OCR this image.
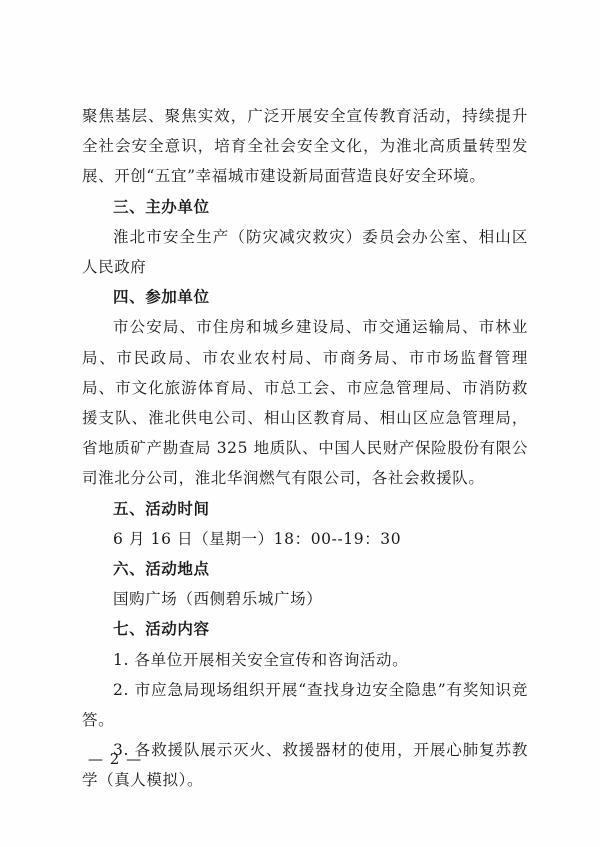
聚焦基层、聚焦实效，广泛开展安全宣传教育活动，持续提升全社会安全意识，培育全社会安全文化，为淮北高质量转型发展、开创“五宜”幸福城市建设新局面营造良好安全环境。

三、主办单位

淮北市安全生产（防灾减灾救灾）委员会办公室、相山区人民政府

四、参加单位

市公安局、市住房和城乡建设局、市交通运输局、市林业局、市民政局、市农业农村局、市商务局、市市场监督管理局、市文化旅游体育局、市总工会、市应急管理局、市消防救援支队、淮北供电公司、相山区教育局、相山区应急管理局，省地质矿产勘查局 325 地质队、中国人民财产保险股份有限公司淮北分公司，淮北华润燃气有限公司，各社会救援队。

五、活动时间

6 月 16 日（星期一）18：00--19：30

六、活动地点

国购广场（西侧碧乐城广场）

七、活动内容

1. 各单位开展相关安全宣传和咨询活动。

2. 市应急局现场组织开展“查找身边安全隐患”有奖知识竞答。

3. 各救援队展示灭火、救援器材的使用，开展心肺复苏教学（真人模拟）。

— 2 —
